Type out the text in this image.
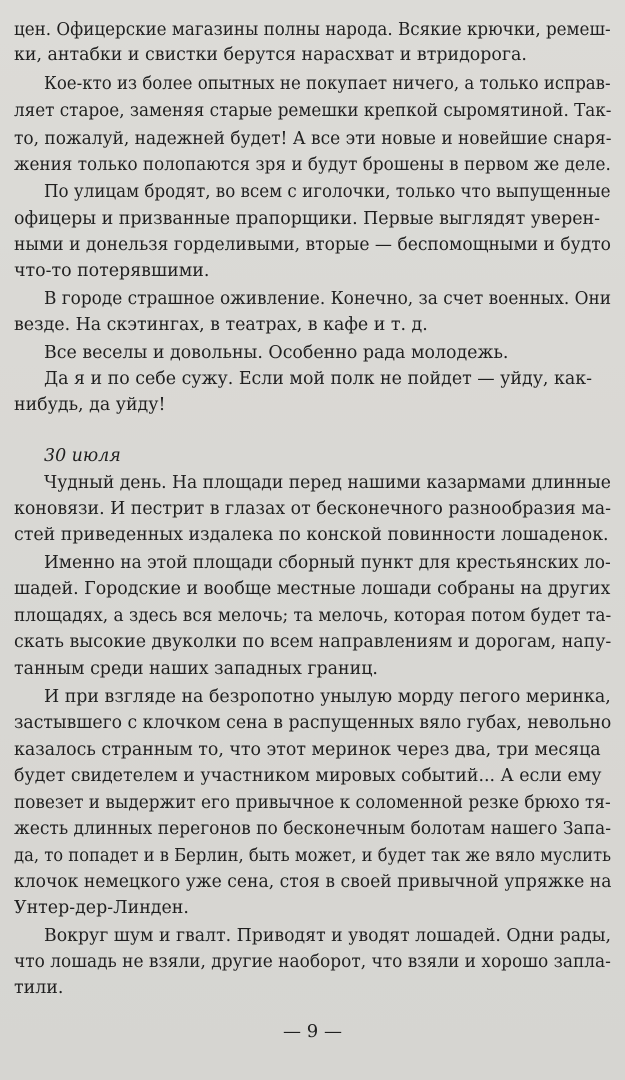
цен. Офицерские магазины полны народа. Всякие крючки, ремеш-
ки, антабки и свистки берутся нарасхват и втридорога.
Кое-кто из более опытных не покупает ничего, а только исправ-
ляет старое, заменяя старые ремешки крепкой сыромятиной. Так-
то, пожалуй, надежней будет! А все эти новые и новейшие снаря-
жения только полопаются зря и будут брошены в первом же деле.
По улицам бродят, во всем с иголочки, только что выпущенные
офицеры и призванные прапорщики. Первые выглядят уверен-
ными и донельзя горделивыми, вторые — беспомощными и будто
что-то потерявшими.
В городе страшное оживление. Конечно, за счет военных. Они
везде. На скэтингах, в театрах, в кафе и т. д.
Все веселы и довольны. Особенно рада молодежь.
Да я и по себе сужу. Если мой полк не пойдет — уйду, как-
нибудь, да уйду!
30 июля
Чудный день. На площади перед нашими казармами длинные
коновязи. И пестрит в глазах от бесконечного разнообразия ма-
стей приведенных издалека по конской повинности лошаденок.
Именно на этой площади сборный пункт для крестьянских ло-
шадей. Городские и вообще местные лошади собраны на других
площадях, а здесь вся мелочь; та мелочь, которая потом будет та-
скать высокие двуколки по всем направлениям и дорогам, напу-
танным среди наших западных границ.
И при взгляде на безропотно унылую морду пегого меринка,
застывшего с клочком сена в распущенных вяло губах, невольно
казалось странным то, что этот меринок через два, три месяца
будет свидетелем и участником мировых событий... А если ему
повезет и выдержит его привычное к соломенной резке брюхо тя-
жесть длинных перегонов по бесконечным болотам нашего Запа-
да, то попадет и в Берлин, быть может, и будет так же вяло муслить
клочок немецкого уже сена, стоя в своей привычной упряжке на
Унтер-дер-Линден.
Вокруг шум и гвалт. Приводят и уводят лошадей. Одни рады,
что лошадь не взяли, другие наоборот, что взяли и хорошо запла-
тили.
— 9 —
